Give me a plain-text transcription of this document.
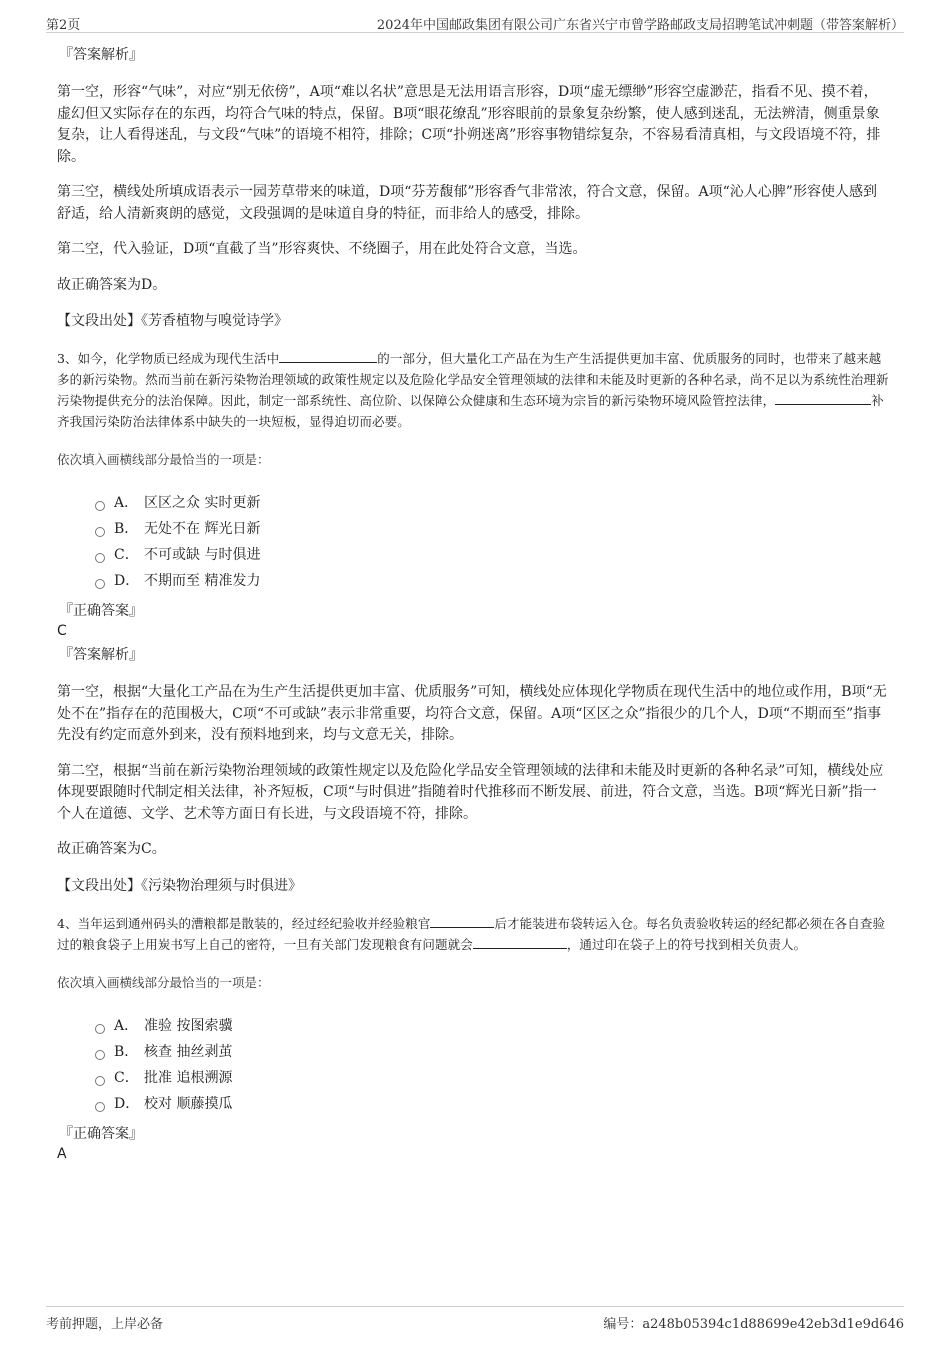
第2页	2024年中国邮政集团有限公司广东省兴宁市曾学路邮政支局招聘笔试冲刺题（带答案解析）
『答案解析』

第一空，形容“气味”，对应“别无依傍”，A项“难以名状”意思是无法用语言形容，D项“虚无缥缈”形容空虚渺茫，指看不见、摸不着，虚幻但又实际存在的东西，均符合气味的特点，保留。B项“眼花缭乱”形容眼前的景象复杂纷繁，使人感到迷乱，无法辨清，侧重景象复杂，让人看得迷乱，与文段“气味”的语境不相符，排除；C项“扑朔迷离”形容事物错综复杂，不容易看清真相，与文段语境不符，排除。

第三空，横线处所填成语表示一园芳草带来的味道，D项“芬芳馥郁”形容香气非常浓，符合文意，保留。A项“沁人心脾”形容使人感到舒适，给人清新爽朗的感觉，文段强调的是味道自身的特征，而非给人的感受，排除。

第二空，代入验证，D项“直截了当”形容爽快、不绕圈子，用在此处符合文意，当选。

故正确答案为D。

【文段出处】《芳香植物与嗅觉诗学》

3、如今，化学物质已经成为现代生活中	的一部分，但大量化工产品在为生产生活提供更加丰富、优质服务的同时，也带来了越来越多的新污染物。然而当前在新污染物治理领域的政策性规定以及危险化学品安全管理领域的法律和未能及时更新的各种名录，尚不足以为系统性治理新污染物提供充分的法治保障。因此，制定一部系统性、高位阶、以保障公众健康和生态环境为宗旨的新污染物环境风险管控法律，	补齐我国污染防治法律体系中缺失的一块短板，显得迫切而必要。

依次填入画横线部分最恰当的一项是：
A． 区区之众 实时更新
B． 无处不在 辉光日新
C． 不可或缺 与时俱进
D． 不期而至 精准发力
『正确答案』
C
『答案解析』

第一空，根据“大量化工产品在为生产生活提供更加丰富、优质服务”可知，横线处应体现化学物质在现代生活中的地位或作用，B项“无处不在”指存在的范围极大，C项“不可或缺”表示非常重要，均符合文意，保留。A项“区区之众”指很少的几个人，D项“不期而至”指事先没有约定而意外到来，没有预料地到来，均与文意无关，排除。

第二空，根据“当前在新污染物治理领域的政策性规定以及危险化学品安全管理领域的法律和未能及时更新的各种名录”可知，横线处应体现要跟随时代制定相关法律，补齐短板，C项“与时俱进”指随着时代推移而不断发展、前进，符合文意，当选。B项“辉光日新”指一个人在道德、文学、艺术等方面日有长进，与文段语境不符，排除。

故正确答案为C。

【文段出处】《污染物治理须与时俱进》

4、当年运到通州码头的漕粮都是散装的，经过经纪验收并经验粮官	后才能装进布袋转运入仓。每名负责验收转运的经纪都必须在各自查验过的粮食袋子上用炭书写上自己的密符，一旦有关部门发现粮食有问题就会	，通过印在袋子上的符号找到相关负责人。

依次填入画横线部分最恰当的一项是：
A． 准验 按图索骥
B． 核查 抽丝剥茧
C． 批准 追根溯源
D． 校对 顺藤摸瓜
『正确答案』
A
考前押题，上岸必备	编号：a248b05394c1d88699e42eb3d1e9d646
